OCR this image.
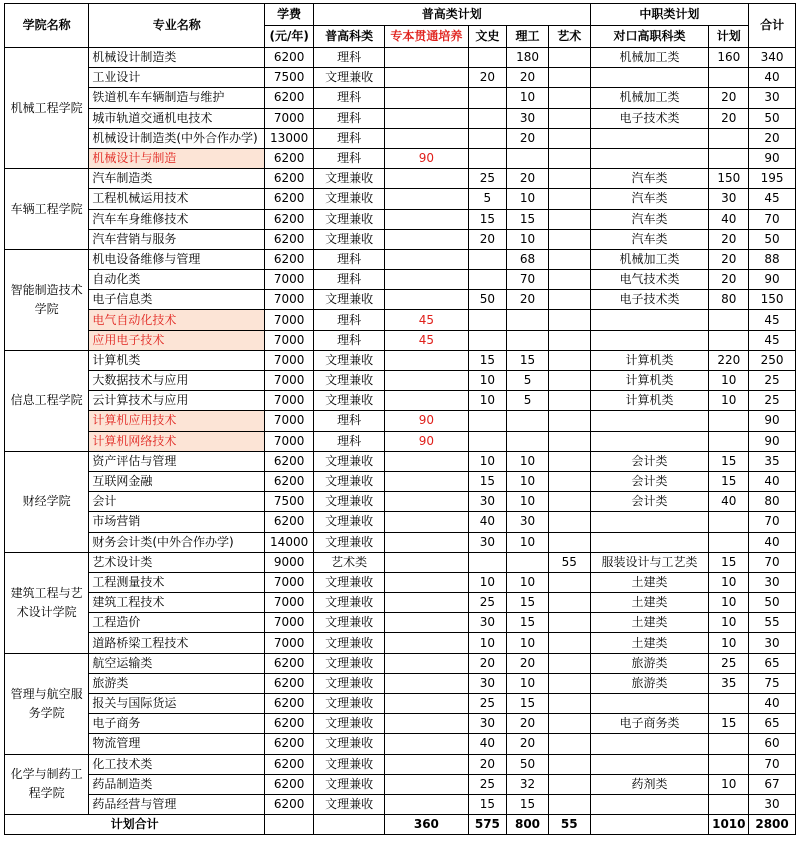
学院名称	专业名称	学费	普高类计划					中职类计划		合计
		(元/年)	普高科类	专本贯通培养	文史	理工	艺术	对口高职科类	计划	
机械工程学院	机械设计制造类	6200	理科			180		机械加工类	160	340
	工业设计	7500	文理兼收		20	20				40
	铁道机车车辆制造与维护	6200	理科			10		机械加工类	20	30
	城市轨道交通机电技术	7000	理科			30		电子技术类	20	50
	机械设计制造类(中外合作办学)	13000	理科			20				20
	机械设计与制造	6200	理科	90						90
车辆工程学院	汽车制造类	6200	文理兼收		25	20		汽车类	150	195
	工程机械运用技术	6200	文理兼收		5	10		汽车类	30	45
	汽车车身维修技术	6200	文理兼收		15	15		汽车类	40	70
	汽车营销与服务	6200	文理兼收		20	10		汽车类	20	50
智能制造技术学院	机电设备维修与管理	6200	理科			68		机械加工类	20	88
	自动化类	7000	理科			70		电气技术类	20	90
	电子信息类	7000	文理兼收		50	20		电子技术类	80	150
	电气自动化技术	7000	理科	45						45
	应用电子技术	7000	理科	45						45
信息工程学院	计算机类	7000	文理兼收		15	15		计算机类	220	250
	大数据技术与应用	7000	文理兼收		10	5		计算机类	10	25
	云计算技术与应用	7000	文理兼收		10	5		计算机类	10	25
	计算机应用技术	7000	理科	90						90
	计算机网络技术	7000	理科	90						90
财经学院	资产评估与管理	6200	文理兼收		10	10		会计类	15	35
	互联网金融	6200	文理兼收		15	10		会计类	15	40
	会计	7500	文理兼收		30	10		会计类	40	80
	市场营销	6200	文理兼收		40	30				70
	财务会计类(中外合作办学)	14000	文理兼收		30	10				40
建筑工程与艺术设计学院	艺术设计类	9000	艺术类				55	服装设计与工艺类	15	70
	工程测量技术	7000	文理兼收		10	10		土建类	10	30
	建筑工程技术	7000	文理兼收		25	15		土建类	10	50
	工程造价	7000	文理兼收		30	15		土建类	10	55
	道路桥梁工程技术	7000	文理兼收		10	10		土建类	10	30
管理与航空服务学院	航空运输类	6200	文理兼收		20	20		旅游类	25	65
	旅游类	6200	文理兼收		30	10		旅游类	35	75
	报关与国际货运	6200	文理兼收		25	15				40
	电子商务	6200	文理兼收		30	20		电子商务类	15	65
	物流管理	6200	文理兼收		40	20				60
化学与制药工程学院	化工技术类	6200	文理兼收		20	50				70
	药品制造类	6200	文理兼收		25	32		药剂类	10	67
	药品经营与管理	6200	文理兼收		15	15				30
计划合计				360	575	800	55		1010	2800
